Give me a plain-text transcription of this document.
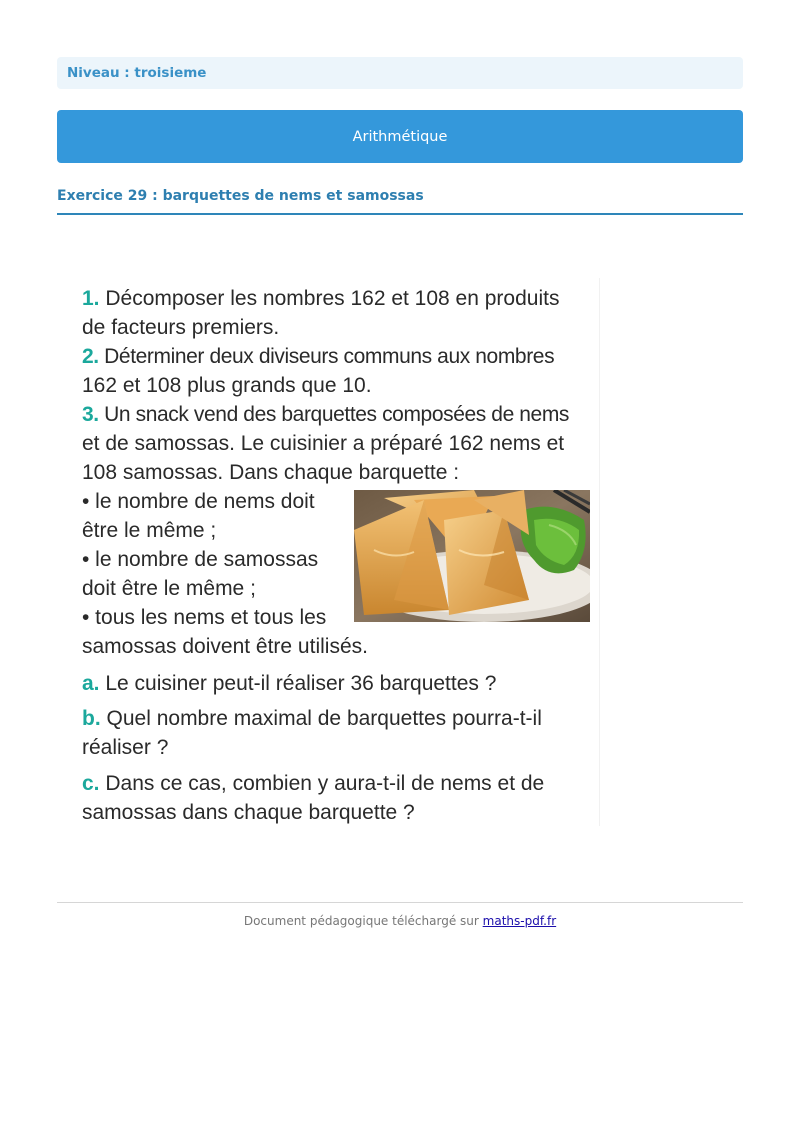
Niveau : troisieme
Arithmétique
Exercice 29 : barquettes de nems et samossas
1. Décomposer les nombres 162 et 108 en produits
de facteurs premiers.
2. Déterminer deux diviseurs communs aux nombres
162 et 108 plus grands que 10.
3. Un snack vend des barquettes composées de nems
et de samossas. Le cuisinier a préparé 162 nems et
108 samossas. Dans chaque barquette :
• le nombre de nems doit
être le même ;
• le nombre de samossas
doit être le même ;
• tous les nems et tous les
samossas doivent être utilisés.
a. Le cuisiner peut-il réaliser 36 barquettes ?
b. Quel nombre maximal de barquettes pourra-t-il
réaliser ?
c. Dans ce cas, combien y aura-t-il de nems et de
samossas dans chaque barquette ?
Document pédagogique téléchargé sur maths-pdf.fr
